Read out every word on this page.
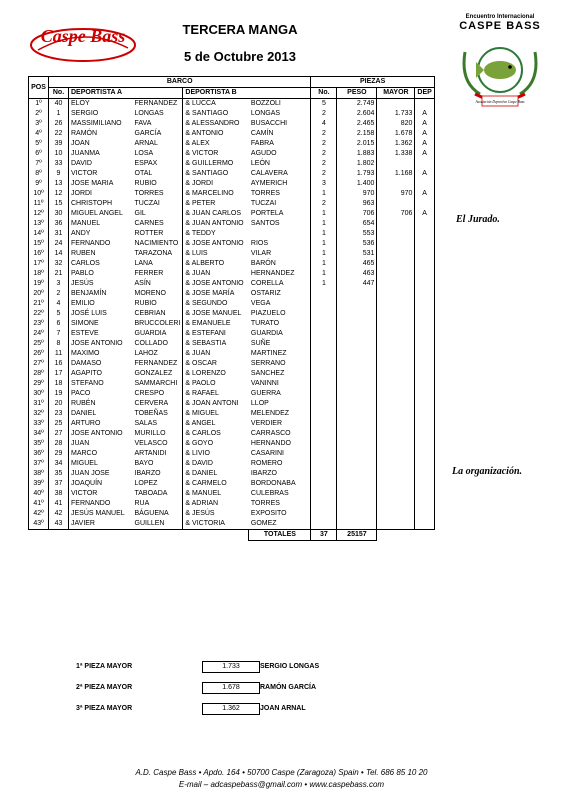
Caspe Bass	TERCERA MANGA
5 de Octubre 2013
Encuentro Internacional
CASPE BASS
Asociación Deportiva Caspe Bass
POS	BARCO					PIEZAS			
	No.	DEPORTISTA A		DEPORTISTA B		No.	PESO	MAYOR	DEP
1º	40	ELOY	FERNANDEZ	& LUCCA	BOZZOLI	5	2.749		
2º	1	SERGIO	LONGAS	& SANTIAGO	LONGAS	2	2.604	1.733	A
3º	26	MASSIMILIANO	FAVA	& ALESSANDRO	BUSACCHI	4	2.465	820	A
4º	22	RAMÓN	GARCÍA	& ANTONIO	CAMÍN	2	2.158	1.678	A
5º	39	JOAN	ARNAL	& ALEX	FABRA	2	2.015	1.362	A
6º	10	JUANMA	LOSA	& VICTOR	AGUDO	2	1.883	1.338	A
7º	33	DAVID	ESPAX	& GUILLERMO	LEÓN	2	1.802		
8º	9	VICTOR	OTAL	& SANTIAGO	CALAVERA	2	1.793	1.168	A
9º	13	JOSE MARIA	RUBIO	& JORDI	AYMERICH	3	1.400		
10º	12	JORDI	TORRES	& MARCELINO	TORRES	1	970	970	A
11º	15	CHRISTOPH	TUCZAI	& PETER	TUCZAI	2	963		
12º	30	MIGUEL ANGEL	GIL	& JUAN CARLOS	PORTELA	1	706	706	A
13º	36	MANUEL	CARNES	& JUAN ANTONIO	SANTOS	1	654		
14º	31	ANDY	ROTTER	& TEDDY		1	553		
15º	24	FERNANDO	NACIMIENTO	& JOSE ANTONIO	RIOS	1	536		
16º	14	RUBEN	TARAZONA	& LUIS	VILAR	1	531		
17º	32	CARLOS	LANA	& ALBERTO	BARÓN	1	465		
18º	21	PABLO	FERRER	& JUAN	HERNANDEZ	1	463		
19º	3	JESÚS	ASÍN	& JOSE ANTONIO	CORELLA	1	447		
20º	2	BENJAMÍN	MORENO	& JOSE MARÍA	OSTARIZ				
21º	4	EMILIO	RUBIO	& SEGUNDO	VEGA				
22º	5	JOSÉ LUIS	CEBRIAN	& JOSE MANUEL	PIAZUELO				
23º	6	SIMONE	BRUCCOLERI	& EMANUELE	TURATO				
24º	7	ESTEVE	GUARDIA	& ESTEFANI	GUARDIA				
25º	8	JOSE ANTONIO	COLLADO	& SEBASTIA	SUÑE				
26º	11	MAXIMO	LAHOZ	& JUAN	MARTINEZ				
27º	16	DAMASO	FERNANDEZ	& OSCAR	SERRANO				
28º	17	AGAPITO	GONZALEZ	& LORENZO	SANCHEZ				
29º	18	STEFANO	SAMMARCHI	& PAOLO	VANINNI				
30º	19	PACO	CRESPO	& RAFAEL	GUERRA				
31º	20	RUBÉN	CERVERA	& JOAN ANTONI	LLOP				
32º	23	DANIEL	TOBEÑAS	& MIGUEL	MELENDEZ				
33º	25	ARTURO	SALAS	& ANGEL	VERDIER				
34º	27	JOSE ANTONIO	MURILLO	& CARLOS	CARRASCO				
35º	28	JUAN	VELASCO	& GOYO	HERNANDO				
36º	29	MARCO	ARTANIDI	& LIVIO	CASARINI				
37º	34	MIGUEL	BAYO	& DAVID	ROMERO				
38º	35	JUAN JOSE	IBARZO	& DANIEL	IBARZO				
39º	37	JOAQUÍN	LOPEZ	& CARMELO	BORDONABA				
40º	38	VICTOR	TABOADA	& MANUEL	CULEBRAS				
41º	41	FERNANDO	RUA	& ADRIAN	TORRES				
42º	42	JESÚS MANUEL	BÁGUENA	& JESÚS	EXPOSITO				
43º	43	JAVIER	GUILLEN	& VICTORIA	GOMEZ				
					TOTALES	37	25157		
El Jurado.
La organización.
1ª PIEZA MAYOR	1.733	SERGIO LONGAS
2ª PIEZA MAYOR	1.678	RAMÓN GARCÍA
3ª PIEZA MAYOR	1.362	JOAN ARNAL
A.D. Caspe Bass • Apdo. 164 • 50700 Caspe (Zaragoza) Spain • Tel. 686 85 10 20
E-mail – adcaspebass@gmail.com • www.caspebass.com
